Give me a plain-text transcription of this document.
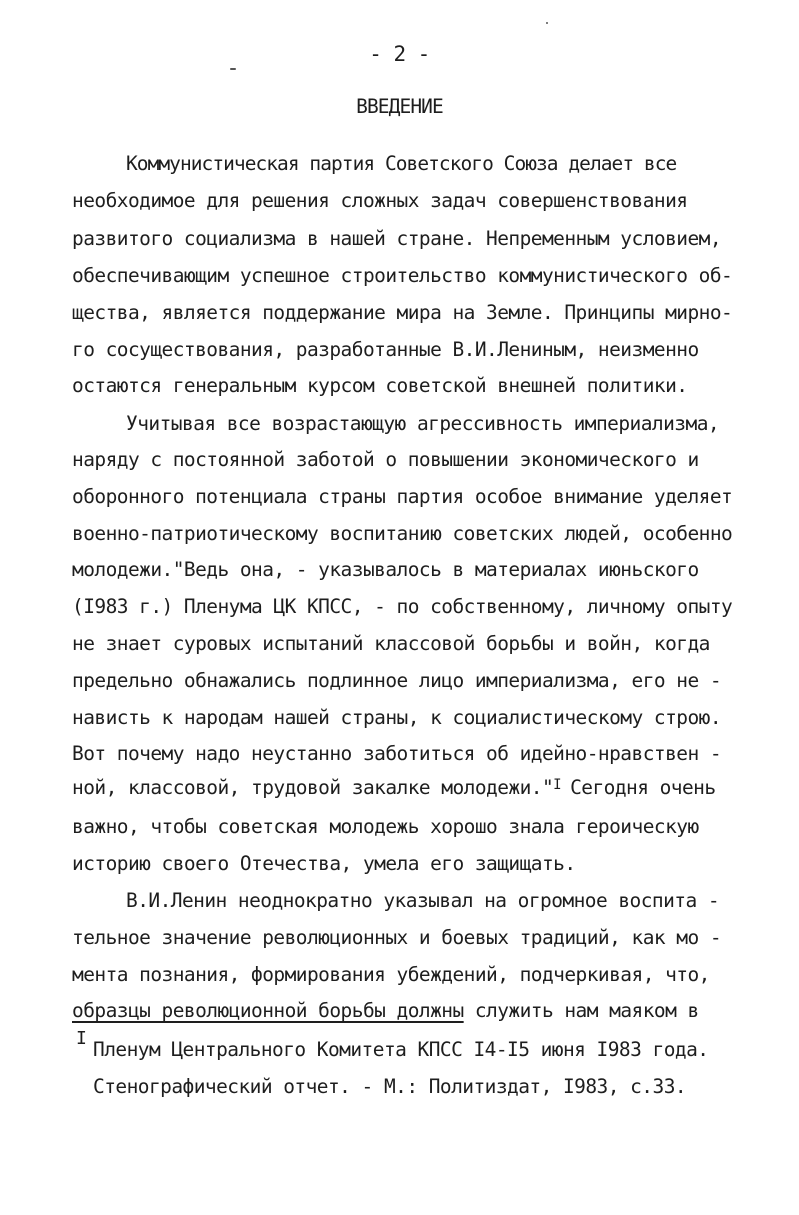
- 2 -
ВВЕДЕНИЕ
Коммунистическая партия Советского Союза делает все
необходимое для решения сложных задач совершенствования
развитого социализма в нашей стране. Непременным условием,
обеспечивающим успешное строительство коммунистического об-
щества, является поддержание мира на Земле. Принципы мирно-
го сосуществования, разработанные В.И.Лениным, неизменно
остаются генеральным курсом советской внешней политики.
Учитывая все возрастающую агрессивность империализма,
наряду с постоянной заботой о повышении экономического и
оборонного потенциала страны партия особое внимание уделяет
военно-патриотическому воспитанию советских людей, особенно
молодежи."Ведь она, - указывалось в материалах июньского
(I983 г.) Пленума ЦК КПСС, - по собственному, личному опыту
не знает суровых испытаний классовой борьбы и войн, когда
предельно обнажались подлинное лицо империализма, его не -
нависть к народам нашей страны, к социалистическому строю.
Вот почему надо неустанно заботиться об идейно-нравствен -
ной, классовой, трудовой закалке молодежи."$^I$ Сегодня очень
важно, чтобы советская молодежь хорошо знала героическую
историю своего Отечества, умела его защищать.
В.И.Ленин неоднократно указывал на огромное воспита -
тельное значение революционных и боевых традиций, как мо -
мента познания, формирования убеждений, подчеркивая, что,
образцы революционной борьбы должны служить нам маяком в
I Пленум Центрального Комитета КПСС I4-I5 июня I983 года.
Стенографический отчет. - М.: Политиздат, I983, с.33.
